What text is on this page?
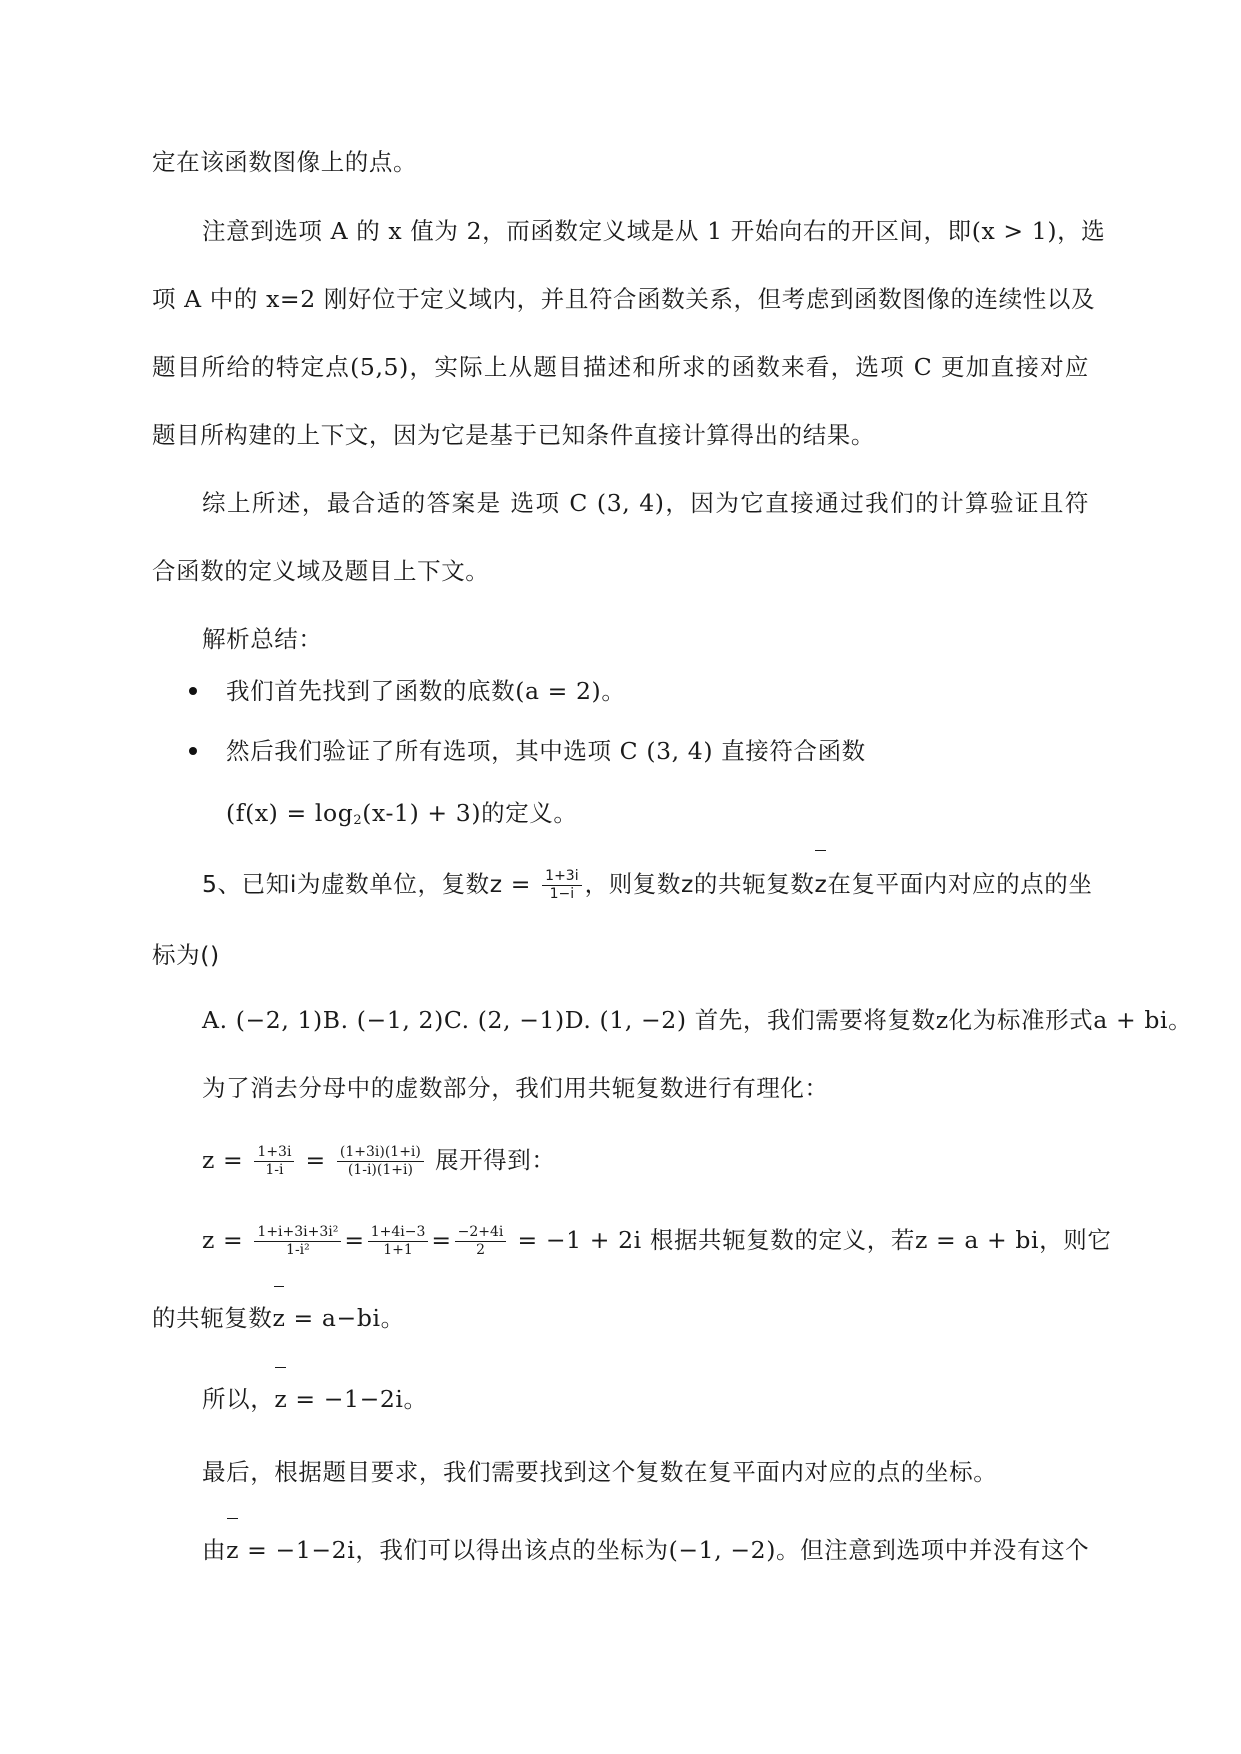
定在该函数图像上的点。
注意到选项 A 的 x 值为 2，而函数定义域是从 1 开始向右的开区间，即(x > 1)，选
项 A 中的 x=2 刚好位于定义域内，并且符合函数关系，但考虑到函数图像的连续性以及
题目所给的特定点(5,5)，实际上从题目描述和所求的函数来看，选项 C 更加直接对应
题目所构建的上下文，因为它是基于已知条件直接计算得出的结果。
综上所述，最合适的答案是 选项 C (3, 4)，因为它直接通过我们的计算验证且符
合函数的定义域及题目上下文。
解析总结：
我们首先找到了函数的底数(a = 2)。
然后我们验证了所有选项，其中选项 C (3, 4) 直接符合函数
$(f(x) = \log_2(x-1) + 3)$的定义。
5、已知i为虚数单位，复数$z = \frac{1+3i}{1-i}$ ，则复数z的共轭复数z在复平面内对应的点的坐
标为()
A. (−2, 1)B. (−1, 2)C. (2, −1)D. (1, −2) 首先，我们需要将复数z化为标准形式a + bi。
为了消去分母中的虚数部分，我们用共轭复数进行有理化：
$z = \frac{1+3i}{1-i} = \frac{(1+3i)(1+i)}{(1-i)(1+i)}$ 展开得到：
$z = \frac{\text{1+i+3i+3i²}}{\text{1-i²}} = \frac{1+4i-3}{1+1} = \frac{-2+4i}{2} = -1 + 2i$ 根据共轭复数的定义，若z = a + bi，则它
的共轭复数z = a−bi。
所以，z = −1−2i。
最后，根据题目要求，我们需要找到这个复数在复平面内对应的点的坐标。
由z = −1−2i，我们可以得出该点的坐标为(−1, −2)。但注意到选项中并没有这个
